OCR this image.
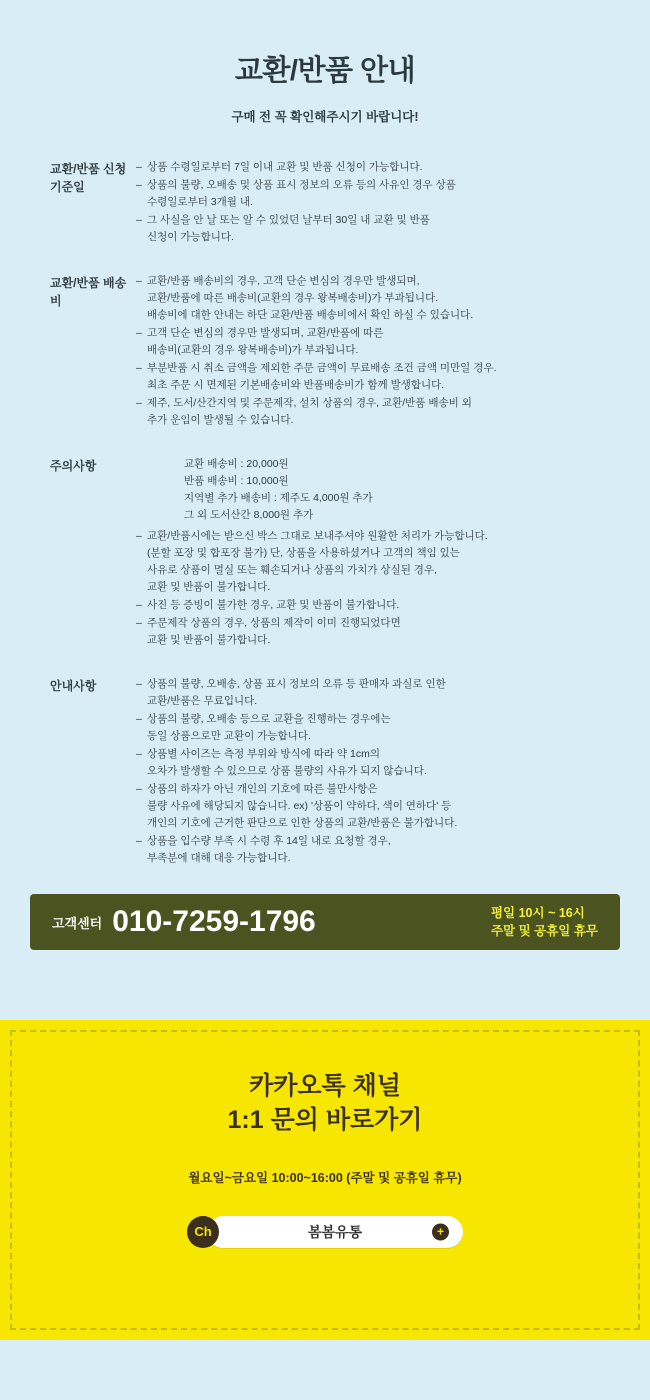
교환/반품 안내
구매 전 꼭 확인해주시기 바랍니다!
교환/반품 신청
기준일
– 상품 수령일로부터 7일 이내 교환 및 반품 신청이 가능합니다.
– 상품의 불량, 오배송 및 상품 표시 정보의 오류 등의 사유인 경우 상품
수령일로부터 3개월 내.
– 그 사실을 안 날 또는 알 수 있었던 날부터 30일 내 교환 및 반품
신청이 가능합니다.
교환/반품 배송비
– 교환/반품 배송비의 경우, 고객 단순 변심의 경우만 발생되며,
교환/반품에 따른 배송비(교환의 경우 왕복배송비)가 부과됩니다.
배송비에 대한 안내는 하단 교환/반품 배송비에서 확인 하실 수 있습니다.
– 고객 단순 변심의 경우만 발생되며, 교환/반품에 따른
배송비(교환의 경우 왕복배송비)가 부과됩니다.
– 부분반품 시 취소 금액을 제외한 주문 금액이 무료배송 조건 금액 미만일 경우.
최초 주문 시 면제된 기본배송비와 반품배송비가 함께 발생합니다.
– 제주, 도서/산간지역 및 주문제작, 설치 상품의 경우, 교환/반품 배송비 외
추가 운임이 발생될 수 있습니다.
주의사항	교환 배송비 : 20,000원
반품 배송비 : 10,000원
지역별 추가 배송비 : 제주도 4,000원 추가
그 외 도서산간 8,000원 추가
– 교환/반품시에는 받으신 박스 그대로 보내주셔야 원활한 처리가 가능합니다.
(분할 포장 및 합포장 불가) 단, 상품을 사용하셨거나 고객의 책임 있는
사유로 상품이 멸실 또는 훼손되거나 상품의 가치가 상실된 경우,
교환 및 반품이 불가합니다.
– 사진 등 증빙이 불가한 경우, 교환 및 반품이 불가합니다.
– 주문제작 상품의 경우, 상품의 제작이 이미 진행되었다면
교환 및 반품이 불가합니다.
안내사항	– 상품의 불량, 오배송, 상품 표시 정보의 오류 등 판매자 과실로 인한
교환/반품은 무료입니다.
– 상품의 불량, 오배송 등으로 교환을 진행하는 경우에는
동일 상품으로만 교환이 가능합니다.
– 상품별 사이즈는 측정 부위와 방식에 따라 약 1cm의
오차가 발생할 수 있으므로 상품 불량의 사유가 되지 않습니다.
– 상품의 하자가 아닌 개인의 기호에 따른 불만사항은
불량 사유에 해당되지 않습니다. ex) '상품이 약하다, 색이 연하다' 등
개인의 기호에 근거한 판단으로 인한 상품의 교환/반품은 불가합니다.
– 상품을 입수량 부족 시 수령 후 14일 내로 요청할 경우,
부족분에 대해 대응 가능합니다.
고객센터 010-7259-1796	평일 10시 ~ 16시
주말 및 공휴일 휴무
카카오톡 채널
1:1 문의 바로가기
월요일~금요일 10:00~16:00 (주말 및 공휴일 휴무)
Ch	봄봄유통	+
